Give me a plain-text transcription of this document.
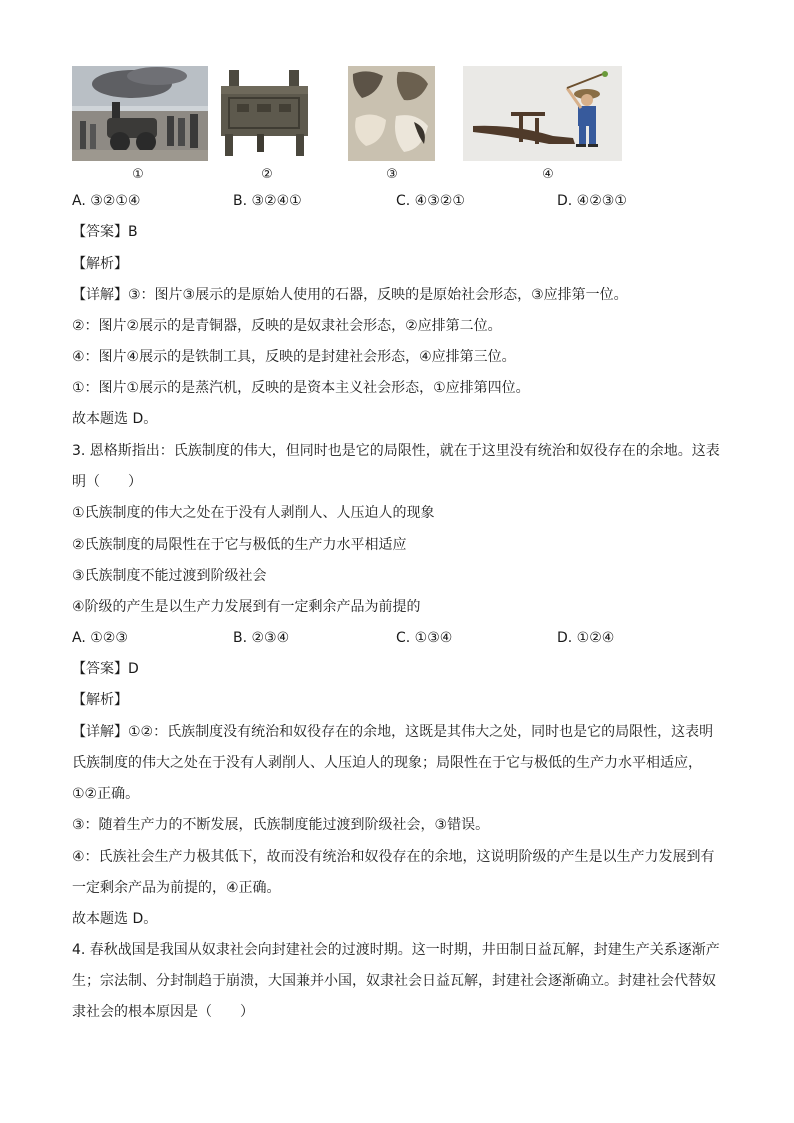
①	②	③	④
A. ③②①④	B. ③②④①	C. ④③②①	D. ④②③①
【答案】B
【解析】
【详解】③：图片③展示的是原始人使用的石器，反映的是原始社会形态，③应排第一位。
②：图片②展示的是青铜器，反映的是奴隶社会形态，②应排第二位。
④：图片④展示的是铁制工具，反映的是封建社会形态，④应排第三位。
①：图片①展示的是蒸汽机，反映的是资本主义社会形态，①应排第四位。
故本题选 D。
3. 恩格斯指出：氏族制度的伟大，但同时也是它的局限性，就在于这里没有统治和奴役存在的余地。这表
明（　　）
①氏族制度的伟大之处在于没有人剥削人、人压迫人的现象
②氏族制度的局限性在于它与极低的生产力水平相适应
③氏族制度不能过渡到阶级社会
④阶级的产生是以生产力发展到有一定剩余产品为前提的
A. ①②③	B. ②③④	C. ①③④	D. ①②④
【答案】D
【解析】
【详解】①②：氏族制度没有统治和奴役存在的余地，这既是其伟大之处，同时也是它的局限性，这表明
氏族制度的伟大之处在于没有人剥削人、人压迫人的现象；局限性在于它与极低的生产力水平相适应，
①②正确。
③：随着生产力的不断发展，氏族制度能过渡到阶级社会，③错误。
④：氏族社会生产力极其低下，故而没有统治和奴役存在的余地，这说明阶级的产生是以生产力发展到有
一定剩余产品为前提的，④正确。
故本题选 D。
4. 春秋战国是我国从奴隶社会向封建社会的过渡时期。这一时期，井田制日益瓦解，封建生产关系逐渐产
生；宗法制、分封制趋于崩溃，大国兼并小国，奴隶社会日益瓦解，封建社会逐渐确立。封建社会代替奴
隶社会的根本原因是（　　）
